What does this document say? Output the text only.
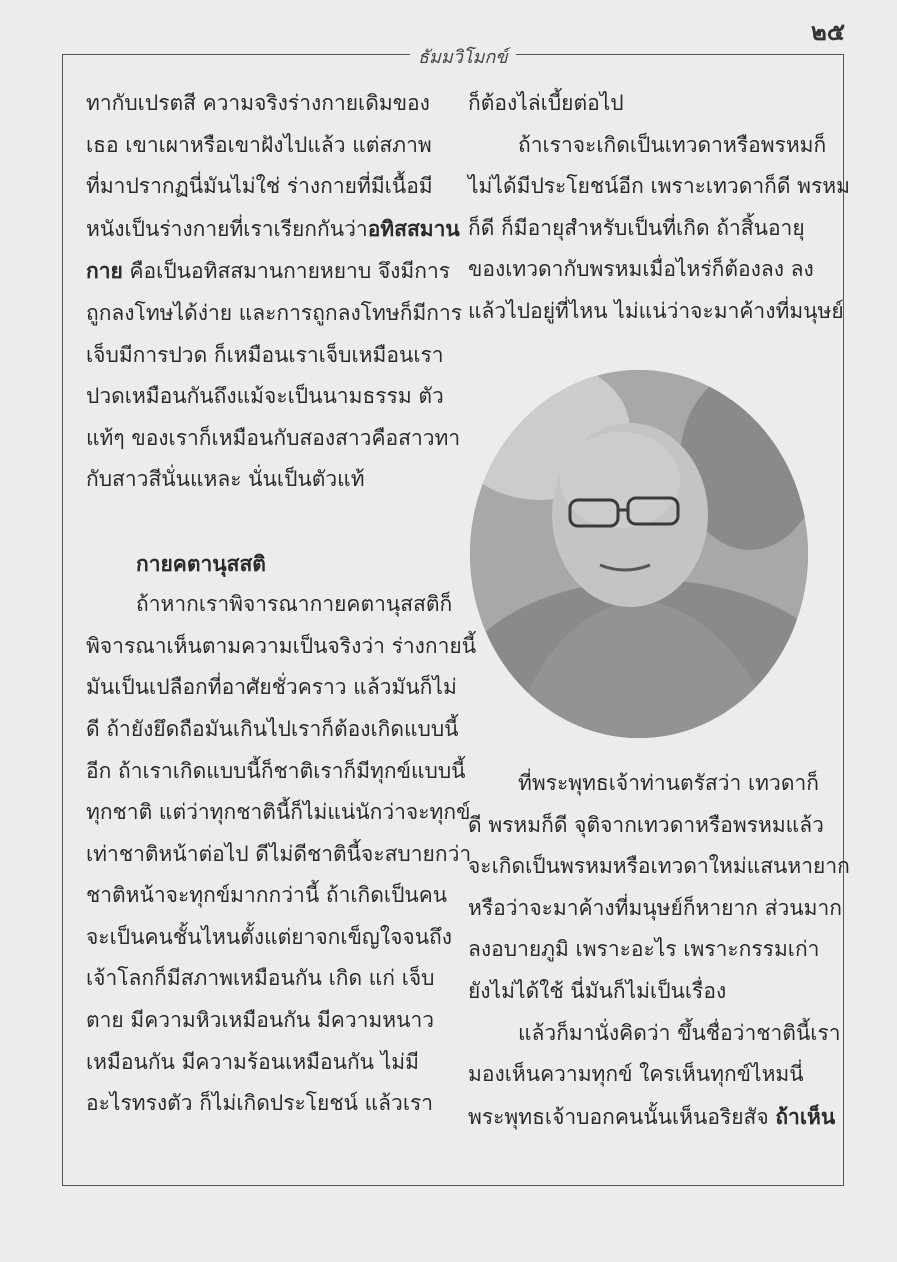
๒๕
ธัมมวิโมกข์

ทากับเปรตสี ความจริงร่างกายเดิมของ

เธอ เขาเผาหรือเขาฝังไปแล้ว แต่สภาพ

ที่มาปรากฏนี่มันไม่ใช่ ร่างกายที่มีเนื้อมี

หนังเป็นร่างกายที่เราเรียกกันว่าอทิสสมาน

กาย คือเป็นอทิสสมานกายหยาบ จึงมีการ

ถูกลงโทษได้ง่าย และการถูกลงโทษก็มีการ

เจ็บมีการปวด ก็เหมือนเราเจ็บเหมือนเรา

ปวดเหมือนกันถึงแม้จะเป็นนามธรรม ตัว

แท้ๆ ของเราก็เหมือนกับสองสาวคือสาวทา

กับสาวสีนั่นแหละ นั่นเป็นตัวแท้

กายคตานุสสติ

ถ้าหากเราพิจารณากายคตานุสสติก็

พิจารณาเห็นตามความเป็นจริงว่า ร่างกายนี้

มันเป็นเปลือกที่อาศัยชั่วคราว แล้วมันก็ไม่

ดี ถ้ายังยึดถือมันเกินไปเราก็ต้องเกิดแบบนี้

อีก ถ้าเราเกิดแบบนี้ก็ชาติเราก็มีทุกข์แบบนี้

ทุกชาติ แต่ว่าทุกชาตินี้ก็ไม่แน่นักว่าจะทุกข์

เท่าชาติหน้าต่อไป ดีไม่ดีชาตินี้จะสบายกว่า

ชาติหน้าจะทุกข์มากกว่านี้ ถ้าเกิดเป็นคน

จะเป็นคนชั้นไหนตั้งแต่ยาจกเข็ญใจจนถึง

เจ้าโลกก็มีสภาพเหมือนกัน เกิด แก่ เจ็บ

ตาย มีความหิวเหมือนกัน มีความหนาว

เหมือนกัน มีความร้อนเหมือนกัน ไม่มี

อะไรทรงตัว ก็ไม่เกิดประโยชน์ แล้วเรา

ก็ต้องไล่เบี้ยต่อไป

ถ้าเราจะเกิดเป็นเทวดาหรือพรหมก็

ไม่ได้มีประโยชน์อีก เพราะเทวดาก็ดี พรหม

ก็ดี ก็มีอายุสำหรับเป็นที่เกิด ถ้าสิ้นอายุ

ของเทวดากับพรหมเมื่อไหร่ก็ต้องลง ลง

แล้วไปอยู่ที่ไหน ไม่แน่ว่าจะมาค้างที่มนุษย์

ที่พระพุทธเจ้าท่านตรัสว่า เทวดาก็

ดี พรหมก็ดี จุติจากเทวดาหรือพรหมแล้ว

จะเกิดเป็นพรหมหรือเทวดาใหม่แสนหายาก

หรือว่าจะมาค้างที่มนุษย์ก็หายาก ส่วนมาก

ลงอบายภูมิ เพราะอะไร เพราะกรรมเก่า

ยังไม่ได้ใช้ นี่มันก็ไม่เป็นเรื่อง

แล้วก็มานั่งคิดว่า ขึ้นชื่อว่าชาตินี้เรา

มองเห็นความทุกข์ ใครเห็นทุกข์ไหมนี่

พระพุทธเจ้าบอกคนนั้นเห็นอริยสัจ ถ้าเห็น
